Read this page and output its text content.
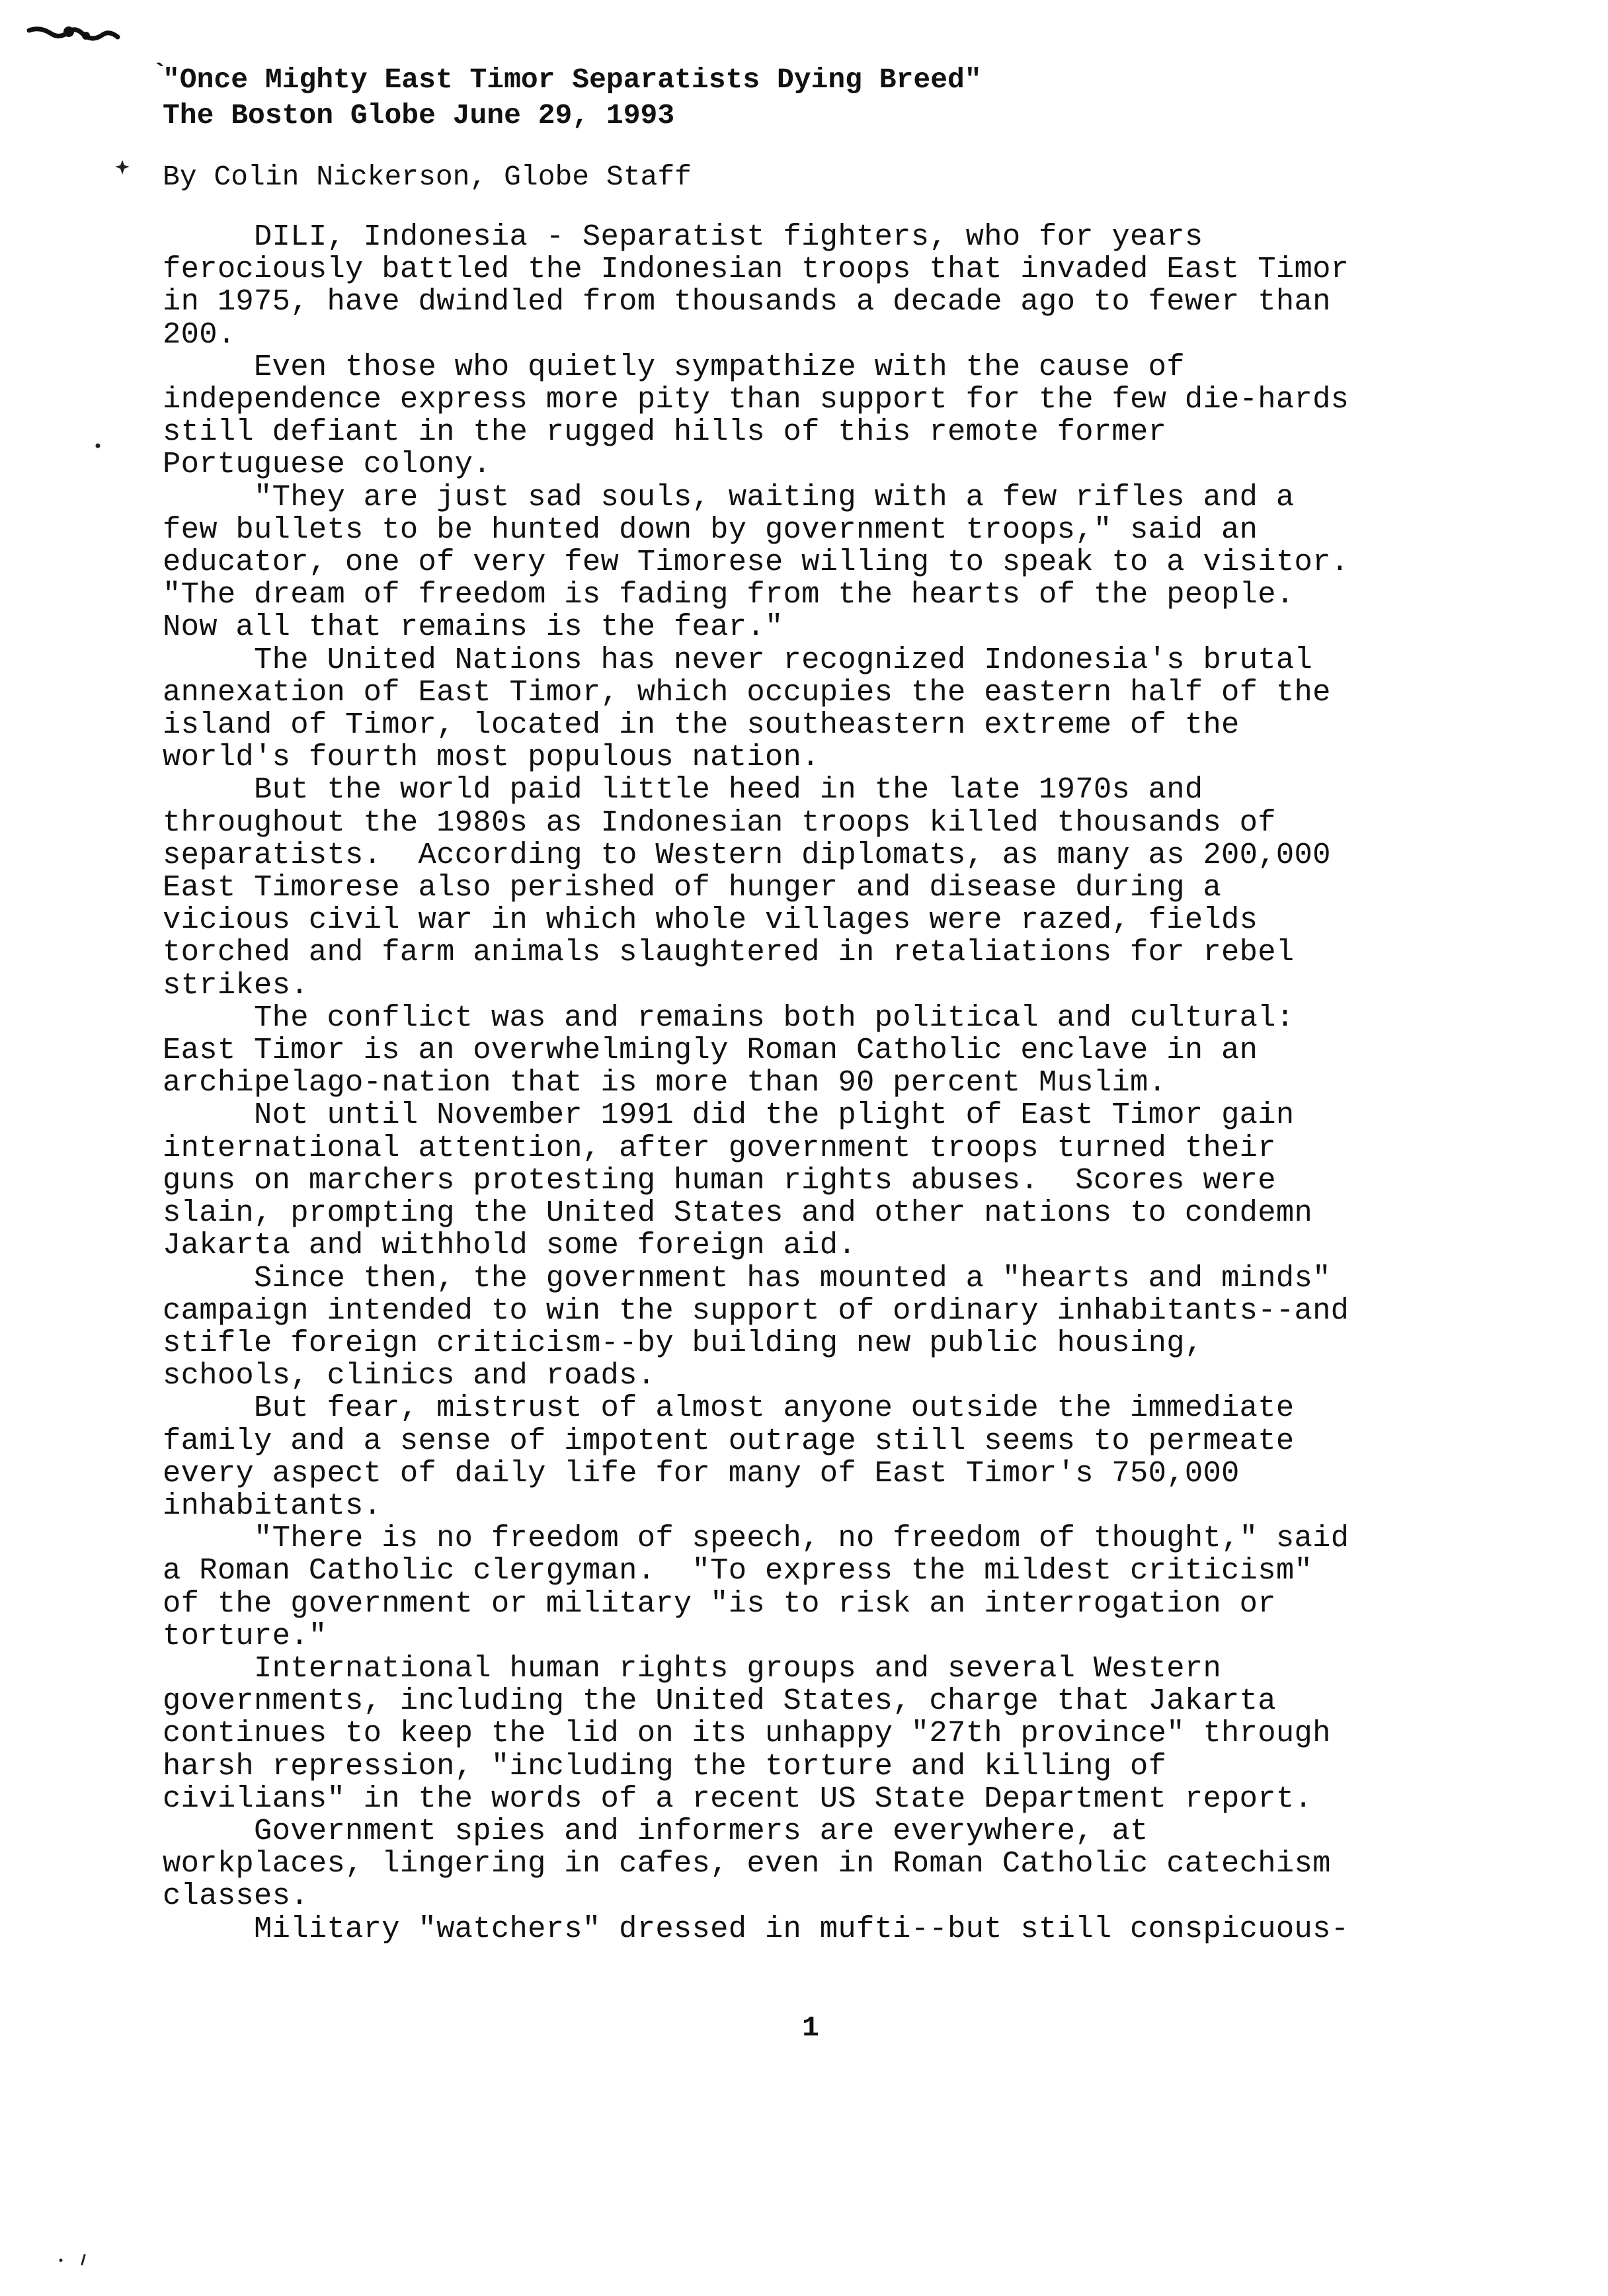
`
"Once Mighty East Timor Separatists Dying Breed"
The Boston Globe June 29, 1993
By Colin Nickerson, Globe Staff

DILI, Indonesia - Separatist fighters, who for years
ferociously battled the Indonesian troops that invaded East Timor
in 1975, have dwindled from thousands a decade ago to fewer than
200.

Even those who quietly sympathize with the cause of
independence express more pity than support for the few die-hards
still defiant in the rugged hills of this remote former
Portuguese colony.

"They are just sad souls, waiting with a few rifles and a
few bullets to be hunted down by government troops," said an
educator, one of very few Timorese willing to speak to a visitor.
"The dream of freedom is fading from the hearts of the people.
Now all that remains is the fear."

The United Nations has never recognized Indonesia's brutal
annexation of East Timor, which occupies the eastern half of the
island of Timor, located in the southeastern extreme of the
world's fourth most populous nation.

But the world paid little heed in the late 1970s and
throughout the 1980s as Indonesian troops killed thousands of
separatists.  According to Western diplomats, as many as 200,000
East Timorese also perished of hunger and disease during a
vicious civil war in which whole villages were razed, fields
torched and farm animals slaughtered in retaliations for rebel
strikes.

The conflict was and remains both political and cultural:
East Timor is an overwhelmingly Roman Catholic enclave in an
archipelago-nation that is more than 90 percent Muslim.

Not until November 1991 did the plight of East Timor gain
international attention, after government troops turned their
guns on marchers protesting human rights abuses.  Scores were
slain, prompting the United States and other nations to condemn
Jakarta and withhold some foreign aid.

Since then, the government has mounted a "hearts and minds"
campaign intended to win the support of ordinary inhabitants--and
stifle foreign criticism--by building new public housing,
schools, clinics and roads.

But fear, mistrust of almost anyone outside the immediate
family and a sense of impotent outrage still seems to permeate
every aspect of daily life for many of East Timor's 750,000
inhabitants.

"There is no freedom of speech, no freedom of thought," said
a Roman Catholic clergyman.  "To express the mildest criticism"
of the government or military "is to risk an interrogation or
torture."

International human rights groups and several Western
governments, including the United States, charge that Jakarta
continues to keep the lid on its unhappy "27th province" through
harsh repression, "including the torture and killing of
civilians" in the words of a recent US State Department report.

Government spies and informers are everywhere, at
workplaces, lingering in cafes, even in Roman Catholic catechism
classes.

Military "watchers" dressed in mufti--but still conspicuous-

1
